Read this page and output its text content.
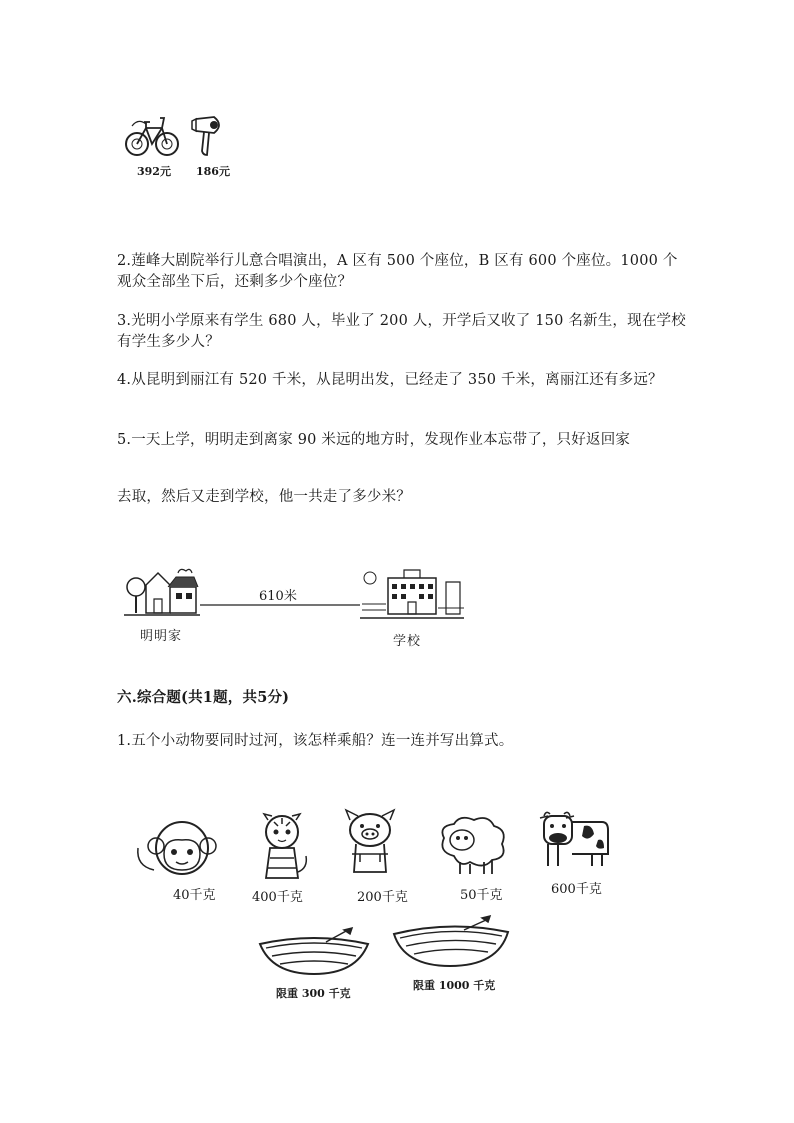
392元 186元
2.莲峰大剧院举行儿意合唱演出，A 区有 500 个座位，B 区有 600 个座位。1000 个观众全部坐下后，还剩多少个座位？
3.光明小学原来有学生 680 人，毕业了 200 人，开学后又收了 150 名新生，现在学校有学生多少人？
4.从昆明到丽江有 520 千米，从昆明出发，已经走了 350 千米，离丽江还有多远？
5.一天上学，明明走到离家 90 米远的地方时，发现作业本忘带了，只好返回家
去取，然后又走到学校，他一共走了多少米？
610米
明明家	学校
六.综合题(共1题，共5分)
1.五个小动物要同时过河，该怎样乘船？连一连并写出算式。
40千克	400千克	200千克	50千克	600千克
限重 300 千克
限重 1000 千克
